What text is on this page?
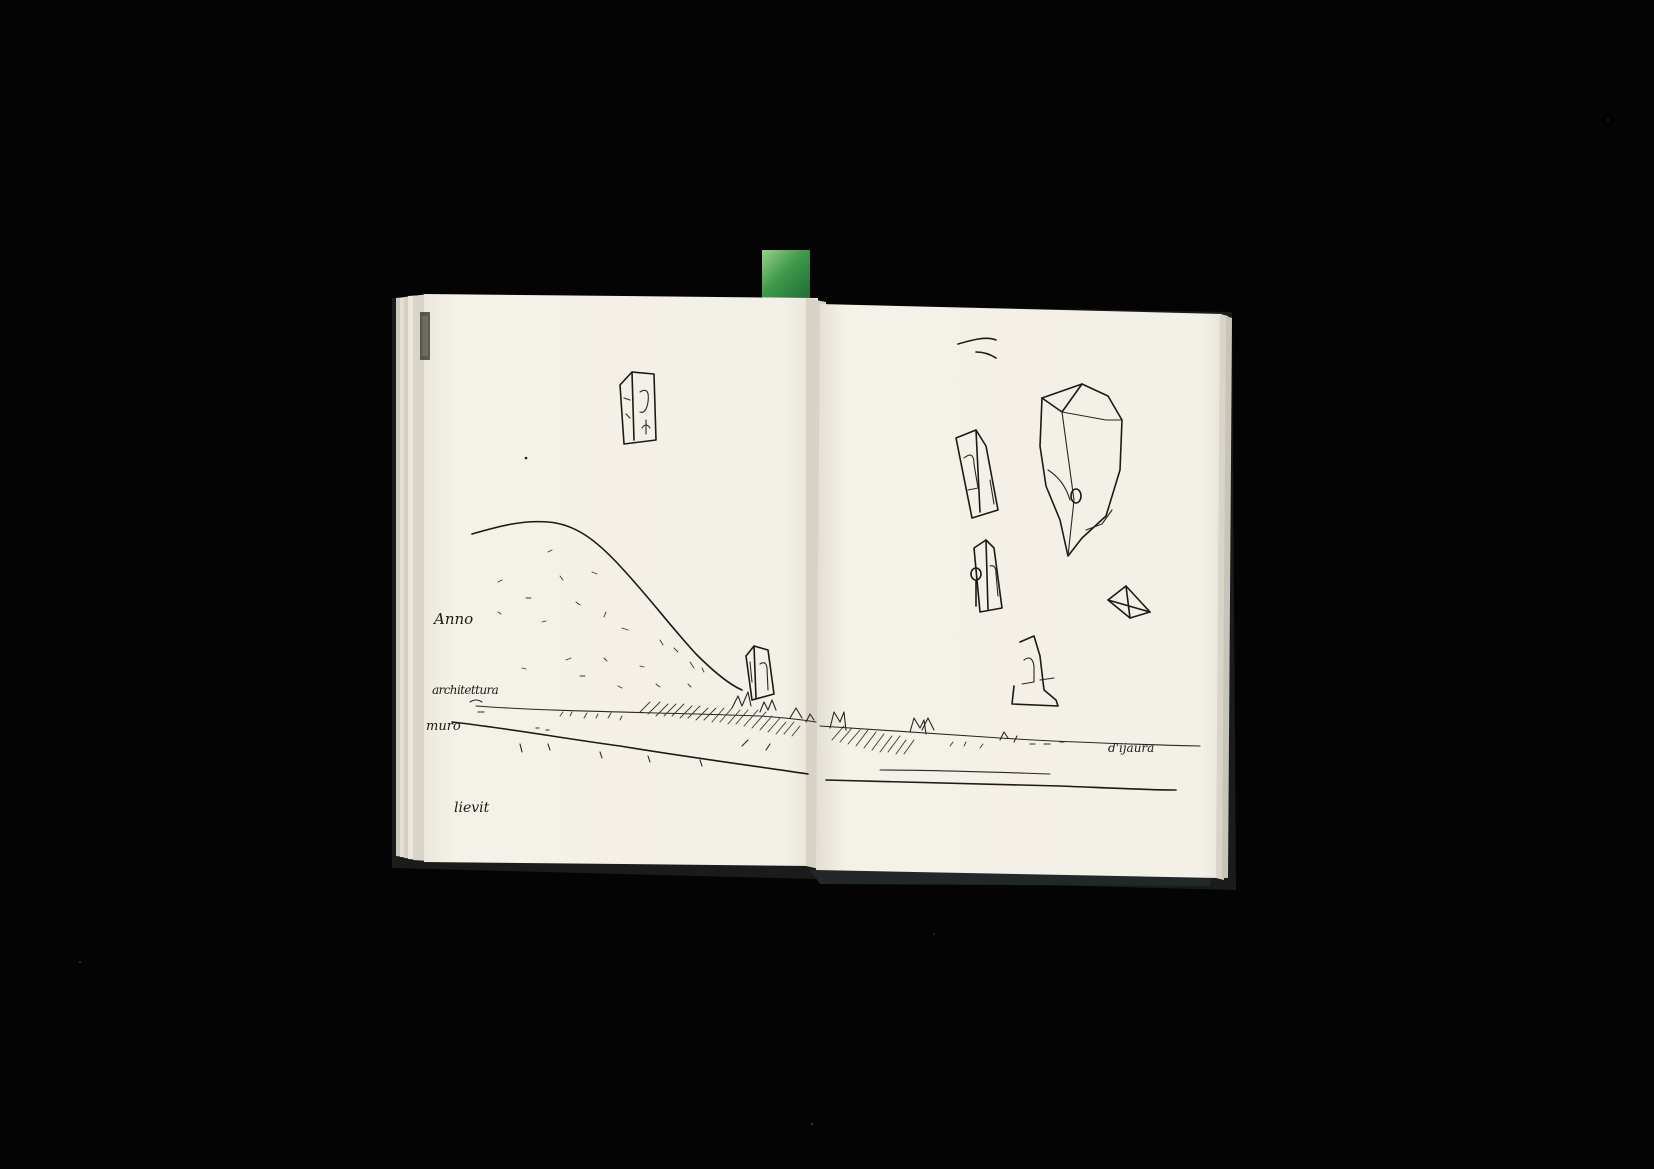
Anno
architettura
muro
lievit
d'ijaura
